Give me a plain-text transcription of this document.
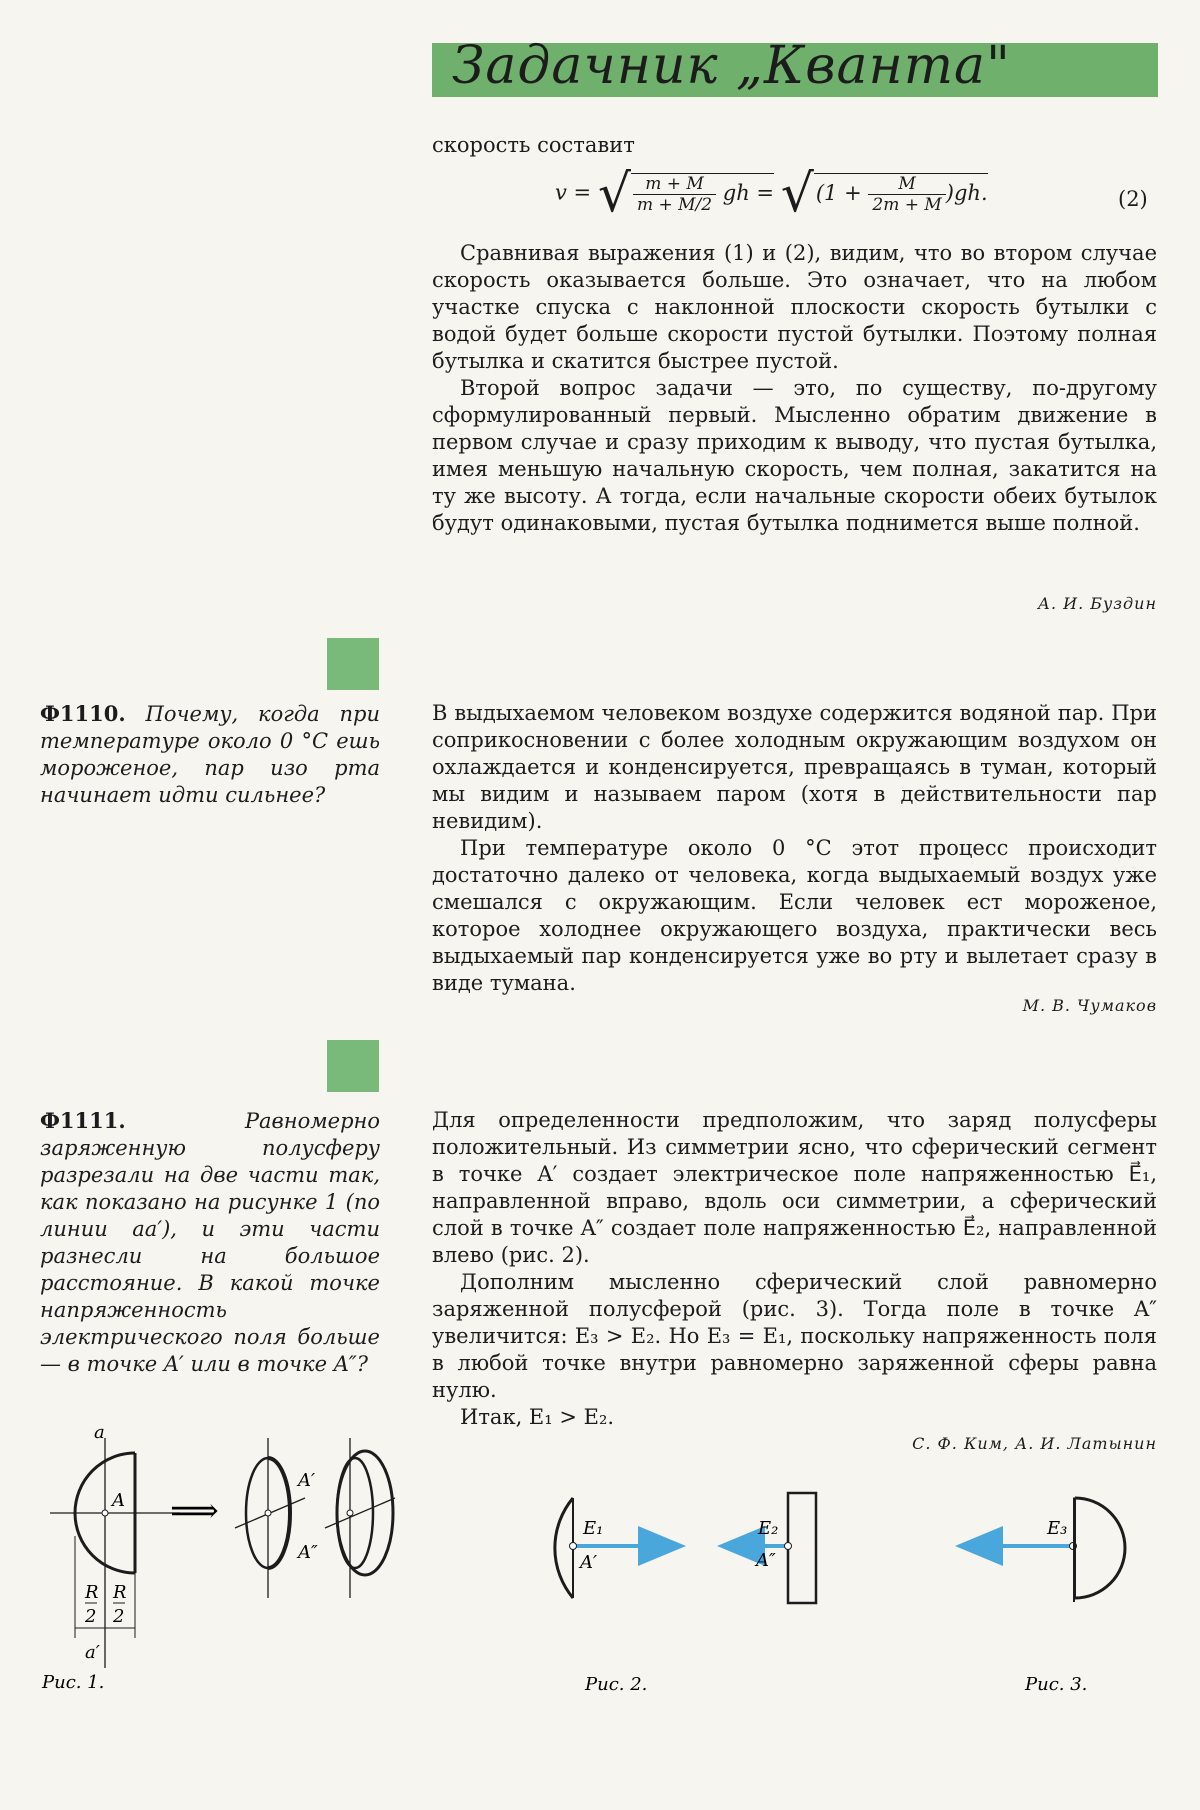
Задачник „Кванта"
скорость составит
v = √ $\frac{m + M}{m + M/2}$ gh = $√(1 + \frac{M}{2m + M} )gh$.	(2)

Сравнивая выражения (1) и (2), видим, что во втором случае скорость оказывается больше. Это означает, что на любом участке спуска с наклонной плоскости скорость бутылки с водой будет больше скорости пустой бутылки. Поэтому полная бутылка и скатится быстрее пустой.

Второй вопрос задачи — это, по существу, по-другому сформулированный первый. Мысленно обратим движение в первом случае и сразу приходим к выводу, что пустая бутылка, имея меньшую начальную скорость, чем полная, закатится на ту же высоту. А тогда, если начальные скорости обеих бутылок будут одинаковыми, пустая бутылка поднимется выше полной.

А. И. Буздин
Ф1110. Почему, когда при температуре около 0 °C ешь мороженое, пар изо рта начинает идти сильнее?

В выдыхаемом человеком воздухе содержится водяной пар. При соприкосновении с более холодным окружающим воздухом он охлаждается и конденсируется, превращаясь в туман, который мы видим и называем паром (хотя в действительности пар невидим).

При температуре около 0 °C этот процесс происходит достаточно далеко от человека, когда выдыхаемый воздух уже смешался с окружающим. Если человек ест мороженое, которое холоднее окружающего воздуха, практически весь выдыхаемый пар конденсируется уже во рту и вылетает сразу в виде тумана.

М. В. Чумаков
Ф1111.	Равномерно заряженную полусферу разрезали на две части так, как показано на рисунке 1 (по линии aa′), и эти части разнесли на большое расстояние. В какой точке напряженность электрического поля больше — в точке A′ или в точке A″?

Для определенности предположим, что заряд полусферы положительный. Из симметрии ясно, что сферический сегмент в точке A′ создает электрическое поле напряженностью E⃗₁, направленной вправо, вдоль оси симметрии, а сферический слой в точке A″ создает поле напряженностью E⃗₂, направленной влево (рис. 2).

Дополним мысленно сферический слой равномерно заряженной полусферой (рис. 3). Тогда поле в точке A″ увеличится: E₃ > E₂. Но E₃ = E₁, поскольку напряженность поля в любой точке внутри равномерно заряженной сферы равна нулю.

Итак, E₁ > E₂.

С. Ф. Ким, А. И. Латынин
a
A
R
2
R
2
a′
⟹
A′
A″
Рис. 1.
E₁
A′
E₂
A″
Рис. 2.
E₃
Рис. 3.
